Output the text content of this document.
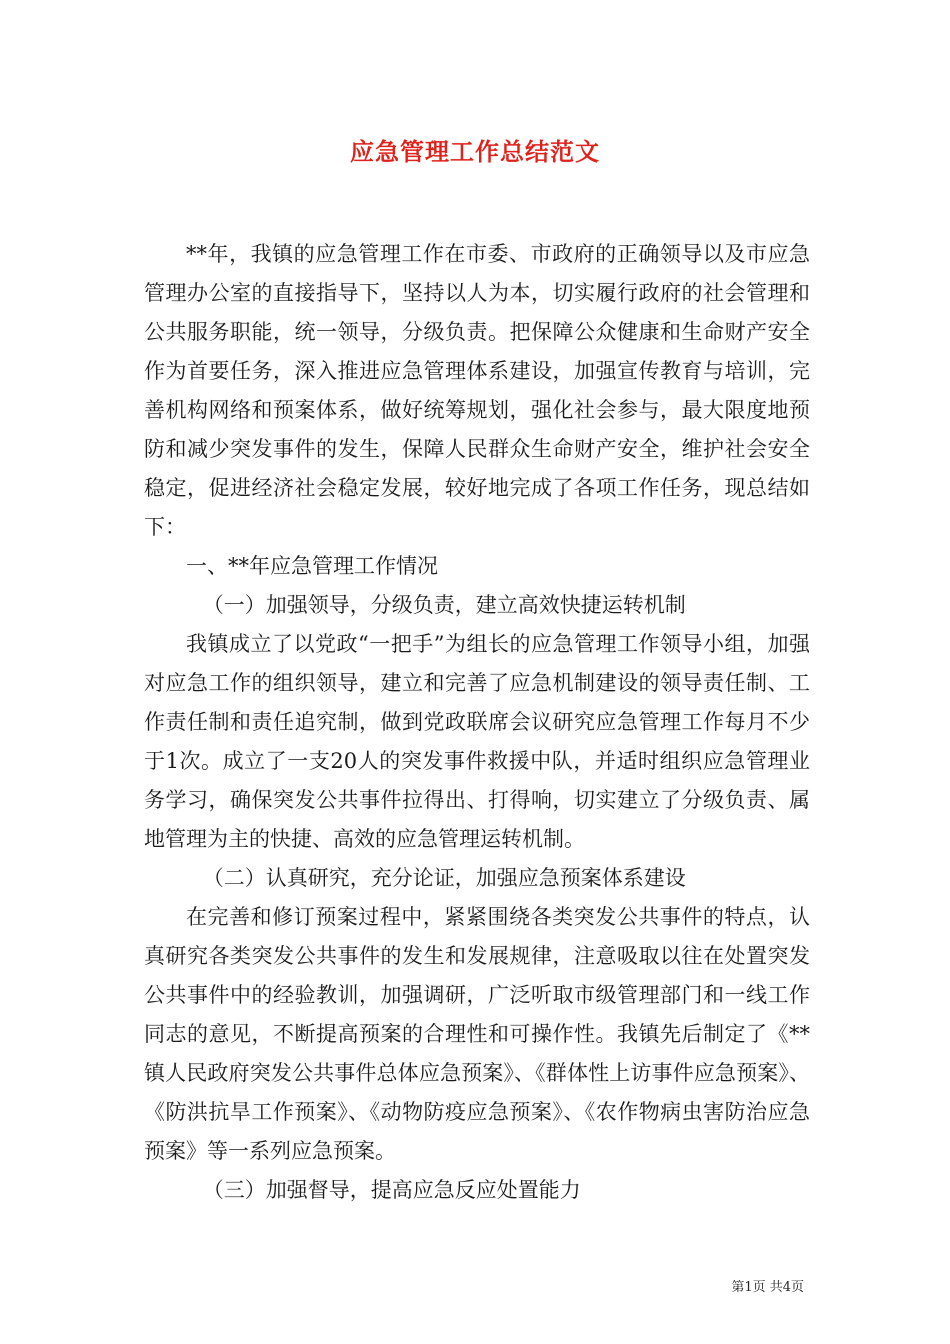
应急管理工作总结范文

**年，我镇的应急管理工作在市委、市政府的正确领导以及市应急管理办公室的直接指导下，坚持以人为本，切实履行政府的社会管理和公共服务职能，统一领导，分级负责。把保障公众健康和生命财产安全作为首要任务，深入推进应急管理体系建设，加强宣传教育与培训，完善机构网络和预案体系，做好统筹规划，强化社会参与，最大限度地预防和减少突发事件的发生，保障人民群众生命财产安全，维护社会安全稳定，促进经济社会稳定发展，较好地完成了各项工作任务，现总结如下：

一、**年应急管理工作情况

（一）加强领导，分级负责，建立高效快捷运转机制

我镇成立了以党政“一把手”为组长的应急管理工作领导小组，加强对应急工作的组织领导，建立和完善了应急机制建设的领导责任制、工作责任制和责任追究制，做到党政联席会议研究应急管理工作每月不少于1次。成立了一支20人的突发事件救援中队，并适时组织应急管理业务学习，确保突发公共事件拉得出、打得响，切实建立了分级负责、属地管理为主的快捷、高效的应急管理运转机制。

（二）认真研究，充分论证，加强应急预案体系建设

在完善和修订预案过程中，紧紧围绕各类突发公共事件的特点，认真研究各类突发公共事件的发生和发展规律，注意吸取以往在处置突发公共事件中的经验教训，加强调研，广泛听取市级管理部门和一线工作同志的意见，不断提高预案的合理性和可操作性。我镇先后制定了《**镇人民政府突发公共事件总体应急预案》、《群体性上访事件应急预案》、《防洪抗旱工作预案》、《动物防疫应急预案》、《农作物病虫害防治应急预案》等一系列应急预案。

（三）加强督导，提高应急反应处置能力

第1页 共4页
